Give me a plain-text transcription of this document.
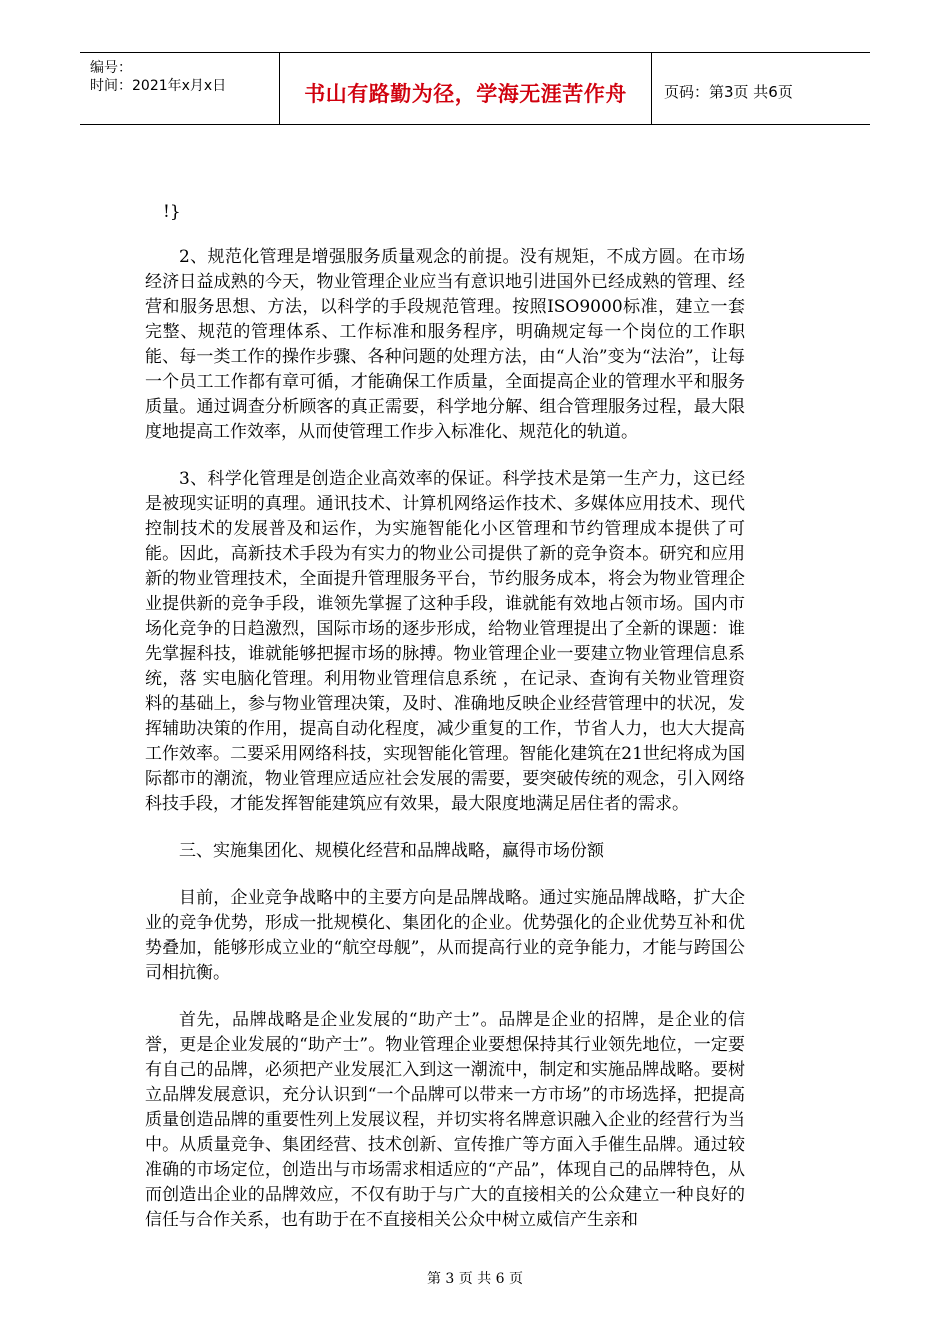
编号：
时间：2021年x月x日	书山有路勤为径，学海无涯苦作舟	页码：第3页 共6页
!}

2、规范化管理是增强服务质量观念的前提。没有规矩，不成方圆。在市场经济日益成熟的今天，物业管理企业应当有意识地引进国外已经成熟的管理、经营和服务思想、方法，以科学的手段规范管理。按照ISO9000标准，建立一套完整、规范的管理体系、工作标准和服务程序，明确规定每一个岗位的工作职能、每一类工作的操作步骤、各种问题的处理方法，由“人治”变为“法治”，让每一个员工工作都有章可循，才能确保工作质量，全面提高企业的管理水平和服务质量。通过调查分析顾客的真正需要，科学地分解、组合管理服务过程，最大限度地提高工作效率，从而使管理工作步入标准化、规范化的轨道。

3、科学化管理是创造企业高效率的保证。科学技术是第一生产力，这已经是被现实证明的真理。通讯技术、计算机网络运作技术、多媒体应用技术、现代控制技术的发展普及和运作，为实施智能化小区管理和节约管理成本提供了可能。因此，高新技术手段为有实力的物业公司提供了新的竞争资本。研究和应用新的物业管理技术，全面提升管理服务平台，节约服务成本，将会为物业管理企业提供新的竞争手段，谁领先掌握了这种手段，谁就能有效地占领市场。国内市场化竞争的日趋激烈，国际市场的逐步形成，给物业管理提出了全新的课题：谁先掌握科技，谁就能够把握市场的脉搏。物业管理企业一要建立物业管理信息系统，落 实电脑化管理。利用物业管理信息系统 ，在记录、查询有关物业管理资料的基础上，参与物业管理决策，及时、准确地反映企业经营管理中的状况，发挥辅助决策的作用，提高自动化程度，减少重复的工作，节省人力，也大大提高工作效率。二要采用网络科技，实现智能化管理。智能化建筑在21世纪将成为国际都市的潮流，物业管理应适应社会发展的需要，要突破传统的观念，引入网络科技手段，才能发挥智能建筑应有效果，最大限度地满足居住者的需求。

三、实施集团化、规模化经营和品牌战略，赢得市场份额

目前，企业竞争战略中的主要方向是品牌战略。通过实施品牌战略，扩大企业的竞争优势，形成一批规模化、集团化的企业。优势强化的企业优势互补和优势叠加，能够形成立业的“航空母舰”，从而提高行业的竞争能力，才能与跨国公司相抗衡。

首先，品牌战略是企业发展的“助产士”。品牌是企业的招牌，是企业的信誉，更是企业发展的“助产士”。物业管理企业要想保持其行业领先地位，一定要有自己的品牌，必须把产业发展汇入到这一潮流中，制定和实施品牌战略。要树立品牌发展意识，充分认识到“一个品牌可以带来一方市场”的市场选择，把提高质量创造品牌的重要性列上发展议程，并切实将名牌意识融入企业的经营行为当中。从质量竞争、集团经营、技术创新、宣传推广等方面入手催生品牌。通过较准确的市场定位，创造出与市场需求相适应的“产品”，体现自己的品牌特色，从而创造出企业的品牌效应，不仅有助于与广大的直接相关的公众建立一种良好的信任与合作关系，也有助于在不直接相关公众中树立威信产生亲和

第 3 页 共 6 页
